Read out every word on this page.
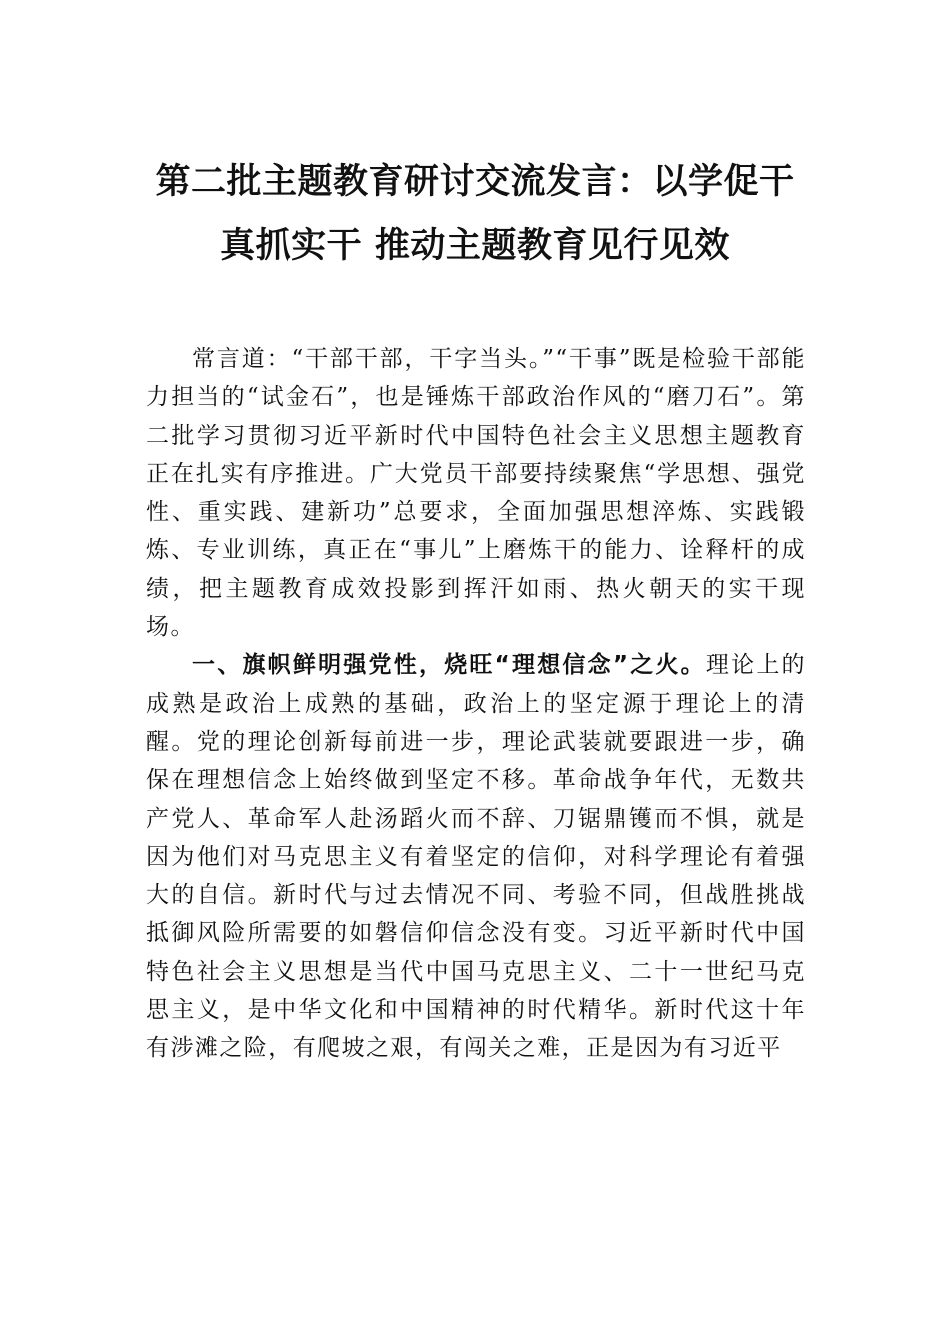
第二批主题教育研讨交流发言：以学促干
真抓实干 推动主题教育见行见效

常言道：“干部干部，干字当头。”“干事”既是检验干部能力担当的“试金石”，也是锤炼干部政治作风的“磨刀石”。第二批学习贯彻习近平新时代中国特色社会主义思想主题教育正在扎实有序推进。广大党员干部要持续聚焦“学思想、强党性、重实践、建新功”总要求，全面加强思想淬炼、实践锻炼、专业训练，真正在“事儿”上磨炼干的能力、诠释杆的成绩，把主题教育成效投影到挥汗如雨、热火朝天的实干现场。

一、旗帜鲜明强党性，烧旺“理想信念”之火。理论上的成熟是政治上成熟的基础，政治上的坚定源于理论上的清醒。党的理论创新每前进一步，理论武装就要跟进一步，确保在理想信念上始终做到坚定不移。革命战争年代，无数共产党人、革命军人赴汤蹈火而不辞、刀锯鼎镬而不惧，就是因为他们对马克思主义有着坚定的信仰，对科学理论有着强大的自信。新时代与过去情况不同、考验不同，但战胜挑战抵御风险所需要的如磐信仰信念没有变。习近平新时代中国特色社会主义思想是当代中国马克思主义、二十一世纪马克思主义，是中华文化和中国精神的时代精华。新时代这十年有涉滩之险，有爬坡之艰，有闯关之难，正是因为有习近平
